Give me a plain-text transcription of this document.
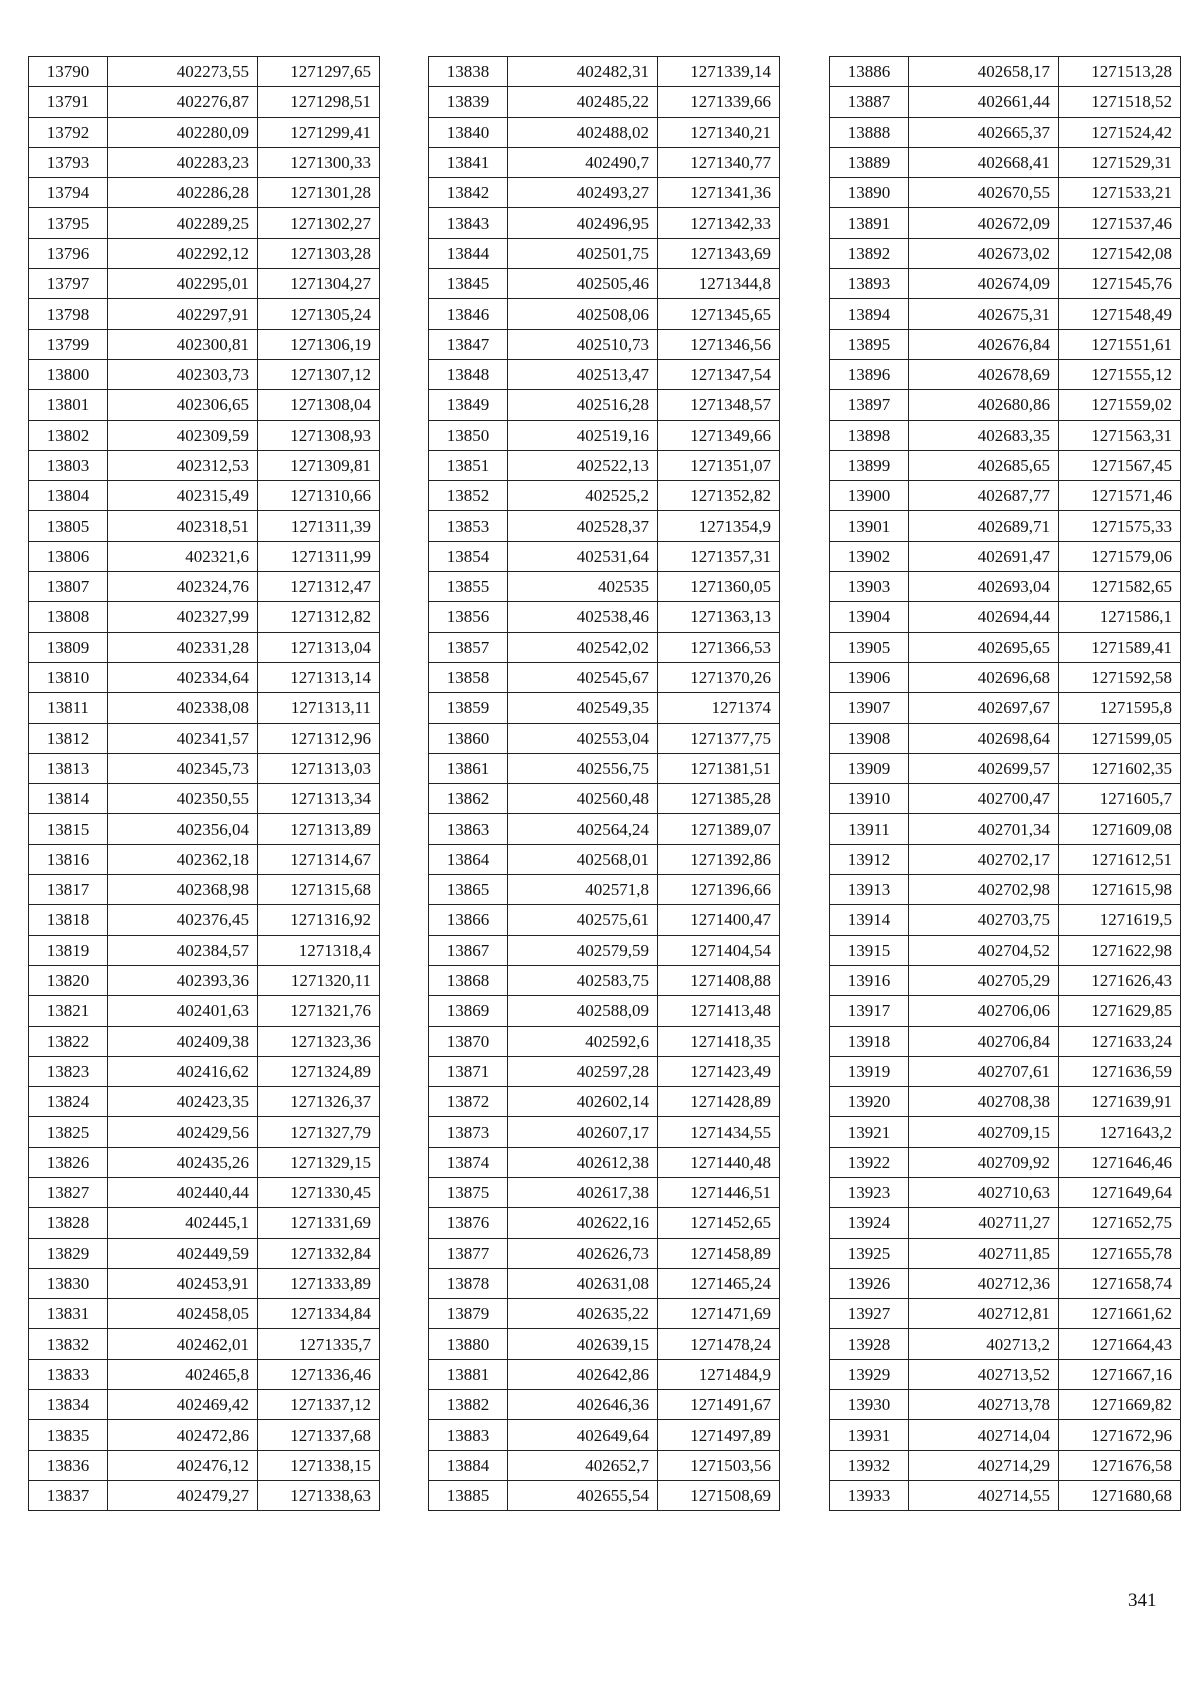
13790	402273,55	1271297,65
13791	402276,87	1271298,51
13792	402280,09	1271299,41
13793	402283,23	1271300,33
13794	402286,28	1271301,28
13795	402289,25	1271302,27
13796	402292,12	1271303,28
13797	402295,01	1271304,27
13798	402297,91	1271305,24
13799	402300,81	1271306,19
13800	402303,73	1271307,12
13801	402306,65	1271308,04
13802	402309,59	1271308,93
13803	402312,53	1271309,81
13804	402315,49	1271310,66
13805	402318,51	1271311,39
13806	402321,6	1271311,99
13807	402324,76	1271312,47
13808	402327,99	1271312,82
13809	402331,28	1271313,04
13810	402334,64	1271313,14
13811	402338,08	1271313,11
13812	402341,57	1271312,96
13813	402345,73	1271313,03
13814	402350,55	1271313,34
13815	402356,04	1271313,89
13816	402362,18	1271314,67
13817	402368,98	1271315,68
13818	402376,45	1271316,92
13819	402384,57	1271318,4
13820	402393,36	1271320,11
13821	402401,63	1271321,76
13822	402409,38	1271323,36
13823	402416,62	1271324,89
13824	402423,35	1271326,37
13825	402429,56	1271327,79
13826	402435,26	1271329,15
13827	402440,44	1271330,45
13828	402445,1	1271331,69
13829	402449,59	1271332,84
13830	402453,91	1271333,89
13831	402458,05	1271334,84
13832	402462,01	1271335,7
13833	402465,8	1271336,46
13834	402469,42	1271337,12
13835	402472,86	1271337,68
13836	402476,12	1271338,15
13837	402479,27	1271338,63
13838	402482,31	1271339,14
13839	402485,22	1271339,66
13840	402488,02	1271340,21
13841	402490,7	1271340,77
13842	402493,27	1271341,36
13843	402496,95	1271342,33
13844	402501,75	1271343,69
13845	402505,46	1271344,8
13846	402508,06	1271345,65
13847	402510,73	1271346,56
13848	402513,47	1271347,54
13849	402516,28	1271348,57
13850	402519,16	1271349,66
13851	402522,13	1271351,07
13852	402525,2	1271352,82
13853	402528,37	1271354,9
13854	402531,64	1271357,31
13855	402535	1271360,05
13856	402538,46	1271363,13
13857	402542,02	1271366,53
13858	402545,67	1271370,26
13859	402549,35	1271374
13860	402553,04	1271377,75
13861	402556,75	1271381,51
13862	402560,48	1271385,28
13863	402564,24	1271389,07
13864	402568,01	1271392,86
13865	402571,8	1271396,66
13866	402575,61	1271400,47
13867	402579,59	1271404,54
13868	402583,75	1271408,88
13869	402588,09	1271413,48
13870	402592,6	1271418,35
13871	402597,28	1271423,49
13872	402602,14	1271428,89
13873	402607,17	1271434,55
13874	402612,38	1271440,48
13875	402617,38	1271446,51
13876	402622,16	1271452,65
13877	402626,73	1271458,89
13878	402631,08	1271465,24
13879	402635,22	1271471,69
13880	402639,15	1271478,24
13881	402642,86	1271484,9
13882	402646,36	1271491,67
13883	402649,64	1271497,89
13884	402652,7	1271503,56
13885	402655,54	1271508,69
13886	402658,17	1271513,28
13887	402661,44	1271518,52
13888	402665,37	1271524,42
13889	402668,41	1271529,31
13890	402670,55	1271533,21
13891	402672,09	1271537,46
13892	402673,02	1271542,08
13893	402674,09	1271545,76
13894	402675,31	1271548,49
13895	402676,84	1271551,61
13896	402678,69	1271555,12
13897	402680,86	1271559,02
13898	402683,35	1271563,31
13899	402685,65	1271567,45
13900	402687,77	1271571,46
13901	402689,71	1271575,33
13902	402691,47	1271579,06
13903	402693,04	1271582,65
13904	402694,44	1271586,1
13905	402695,65	1271589,41
13906	402696,68	1271592,58
13907	402697,67	1271595,8
13908	402698,64	1271599,05
13909	402699,57	1271602,35
13910	402700,47	1271605,7
13911	402701,34	1271609,08
13912	402702,17	1271612,51
13913	402702,98	1271615,98
13914	402703,75	1271619,5
13915	402704,52	1271622,98
13916	402705,29	1271626,43
13917	402706,06	1271629,85
13918	402706,84	1271633,24
13919	402707,61	1271636,59
13920	402708,38	1271639,91
13921	402709,15	1271643,2
13922	402709,92	1271646,46
13923	402710,63	1271649,64
13924	402711,27	1271652,75
13925	402711,85	1271655,78
13926	402712,36	1271658,74
13927	402712,81	1271661,62
13928	402713,2	1271664,43
13929	402713,52	1271667,16
13930	402713,78	1271669,82
13931	402714,04	1271672,96
13932	402714,29	1271676,58
13933	402714,55	1271680,68
341
